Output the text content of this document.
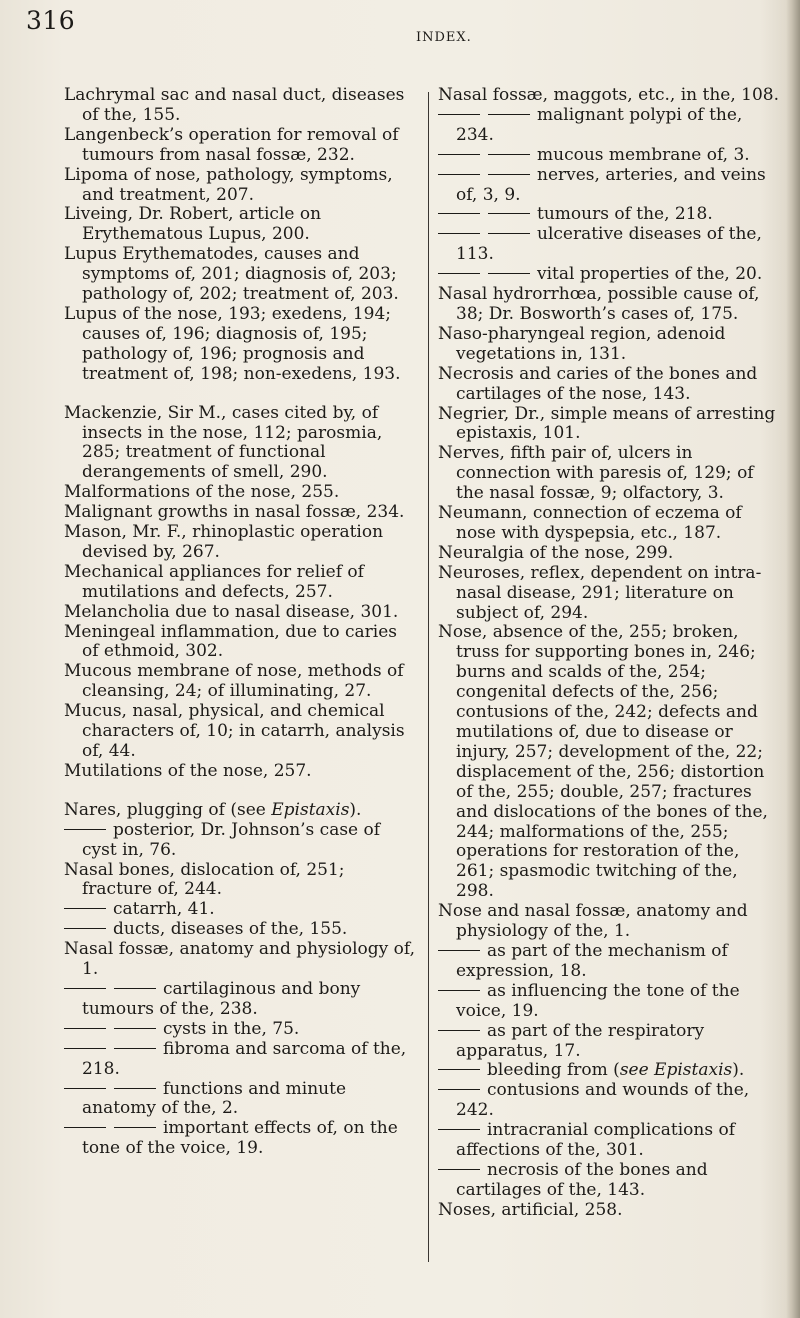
316
INDEX.

Lachrymal sac and nasal duct, diseases of the, 155.

Langenbeck’s operation for removal of tumours from nasal fossæ, 232.

Lipoma of nose, pathology, symptoms, and treatment, 207.

Liveing, Dr. Robert, article on Erythematous Lupus, 200.

Lupus Erythematodes, causes and symptoms of, 201; diagnosis of, 203; pathology of, 202; treatment of, 203.

Lupus of the nose, 193; exedens, 194; causes of, 196; diagnosis of, 195; pathology of, 196; prognosis and treatment of, 198; non-exedens, 193.

Mackenzie, Sir M., cases cited by, of insects in the nose, 112; parosmia, 285; treatment of functional derangements of smell, 290.

Malformations of the nose, 255.

Malignant growths in nasal fossæ, 234.

Mason, Mr. F., rhinoplastic operation devised by, 267.

Mechanical appliances for relief of mutilations and defects, 257.

Melancholia due to nasal disease, 301.

Meningeal inflammation, due to caries of ethmoid, 302.

Mucous membrane of nose, methods of cleansing, 24; of illuminating, 27.

Mucus, nasal, physical, and chemical characters of, 10; in catarrh, analysis of, 44.

Mutilations of the nose, 257.

Nares, plugging of (see Epistaxis).

posterior, Dr. Johnson’s case of cyst in, 76.

Nasal bones, dislocation of, 251; fracture of, 244.

catarrh, 41.

ducts, diseases of the, 155.

Nasal fossæ, anatomy and physiology of, 1.

cartilaginous and bony tumours of the, 238.

cysts in the, 75.

fibroma and sarcoma of the, 218.

functions and minute anatomy of the, 2.

important effects of, on the tone of the voice, 19.

Nasal fossæ, maggots, etc., in the, 108.

malignant polypi of the, 234.

mucous membrane of, 3.

nerves, arteries, and veins of, 3, 9.

tumours of the, 218.

ulcerative diseases of the, 113.

vital properties of the, 20.

Nasal hydrorrhœa, possible cause of, 38; Dr. Bosworth’s cases of, 175.

Naso-pharyngeal region, adenoid vegetations in, 131.

Necrosis and caries of the bones and cartilages of the nose, 143.

Negrier, Dr., simple means of arresting epistaxis, 101.

Nerves, fifth pair of, ulcers in connection with paresis of, 129; of the nasal fossæ, 9; olfactory, 3.

Neumann, connection of eczema of nose with dyspepsia, etc., 187.

Neuralgia of the nose, 299.

Neuroses, reflex, dependent on intra-nasal disease, 291; literature on subject of, 294.

Nose, absence of the, 255; broken, truss for supporting bones in, 246; burns and scalds of the, 254; congenital defects of the, 256; contusions of the, 242; defects and mutilations of, due to disease or injury, 257; development of the, 22; displacement of the, 256; distortion of the, 255; double, 257; fractures and dislocations of the bones of the, 244; malformations of the, 255; operations for restoration of the, 261; spasmodic twitching of the, 298.

Nose and nasal fossæ, anatomy and physiology of the, 1.

as part of the mechanism of expression, 18.

as influencing the tone of the voice, 19.

as part of the respiratory apparatus, 17.

bleeding from (see Epistaxis).

contusions and wounds of the, 242.

intracranial complications of affections of the, 301.

necrosis of the bones and cartilages of the, 143.

Noses, artificial, 258.
